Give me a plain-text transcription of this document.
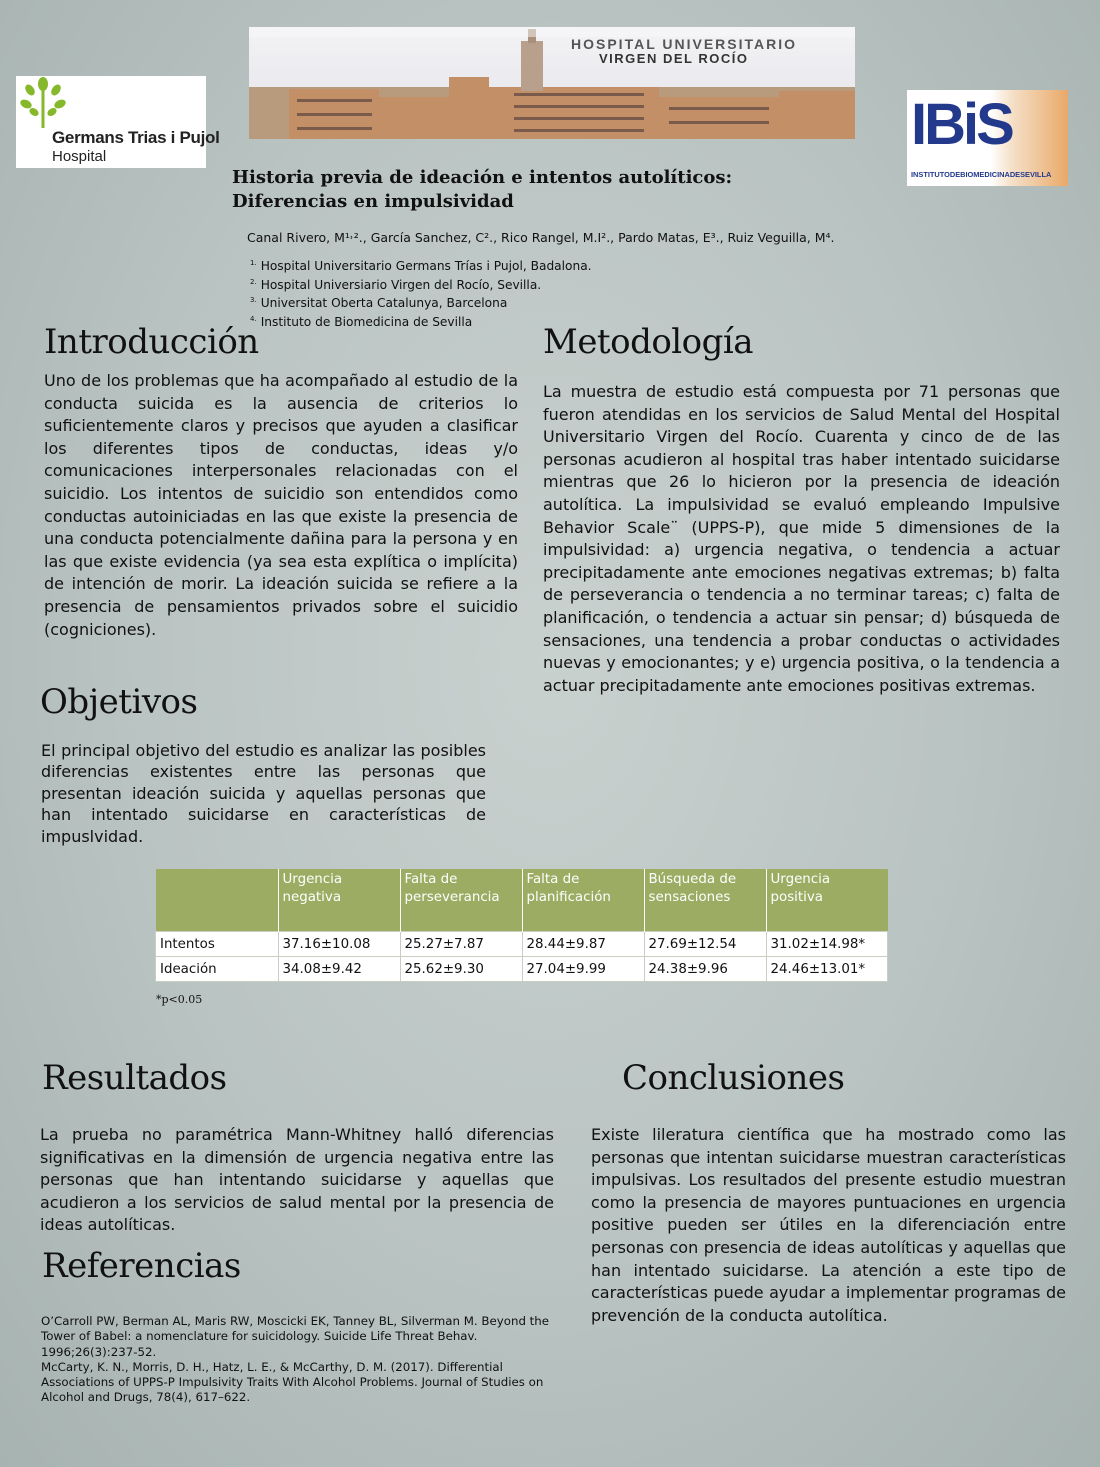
Germans Trias i Pujol
Hospital
HOSPITAL UNIVERSITARIO
VIRGEN DEL ROCÍO
IBiS
INSTITUTODEBIOMEDICINADESEVILLA
Historia previa de ideación e intentos autolíticos:
Diferencias en impulsividad
Canal Rivero, M¹˒²., García Sanchez, C²., Rico Rangel, M.I²., Pardo Matas, E³., Ruiz Veguilla, M⁴.
$^{1.}$ Hospital Universitario Germans Trías i Pujol, Badalona.
$^{2.}$ Hospital Universiario Virgen del Rocío, Sevilla.
$^{3.}$ Universitat Oberta Catalunya, Barcelona
$^{4.}$ Instituto de Biomedicina de Sevilla
Introducción
Uno de los problemas que ha acompañado al estudio de la conducta suicida es la ausencia de criterios lo suficientemente claros y precisos que ayuden a clasificar los diferentes tipos de conductas, ideas y/o comunicaciones interpersonales relacionadas con el suicidio. Los intentos de suicidio son entendidos como conductas autoiniciadas en las que existe la presencia de una conducta potencialmente dañina para la persona y en las que existe evidencia (ya sea esta explítica o implícita) de intención de morir. La ideación suicida se refiere a la presencia de pensamientos privados sobre el suicidio (cogniciones).
Metodología
La muestra de estudio está compuesta por 71 personas que fueron atendidas en los servicios de Salud Mental del Hospital Universitario Virgen del Rocío. Cuarenta y cinco de de las personas acudieron al hospital tras haber intentado suicidarse mientras que 26 lo hicieron por la presencia de ideación autolítica. La impulsividad se evaluó empleando Impulsive Behavior Scale¨ (UPPS-P), que mide 5 dimensiones de la impulsividad: a) urgencia negativa, o tendencia a actuar precipitadamente ante emociones negativas extremas; b) falta de perseverancia o tendencia a no terminar tareas; c) falta de planificación, o tendencia a actuar sin pensar; d) búsqueda de sensaciones, una tendencia a probar conductas o actividades nuevas y emocionantes; y e) urgencia positiva, o la tendencia a actuar precipitadamente ante emociones positivas extremas.
Objetivos
El principal objetivo del estudio es analizar las posibles diferencias existentes entre las personas que presentan ideación suicida y aquellas personas que han intentado suicidarse en características de impuslvidad.
	Urgencia negativa	Falta de perseverancia	Falta de planificación	Búsqueda de sensaciones	Urgencia positiva
Intentos	37.16±10.08	25.27±7.87	28.44±9.87	27.69±12.54	31.02±14.98*
Ideación	34.08±9.42	25.62±9.30	27.04±9.99	24.38±9.96	24.46±13.01*
*p<0.05
Resultados
La prueba no paramétrica Mann-Whitney halló diferencias significativas en la dimensión de urgencia negativa entre las personas que han intentando suicidarse y aquellas que acudieron a los servicios de salud mental por la presencia de ideas autolíticas.
Conclusiones
Existe lileratura científica que ha mostrado como las personas que intentan suicidarse muestran características impulsivas. Los resultados del presente estudio muestran como la presencia de mayores puntuaciones en urgencia positive pueden ser útiles en la diferenciación entre personas con presencia de ideas autolíticas y aquellas que han intentado suicidarse. La atención a este tipo de características puede ayudar a implementar programas de prevención de la conducta autolítica.
Referencias
O’Carroll PW, Berman AL, Maris RW, Moscicki EK, Tanney BL, Silverman M. Beyond the Tower of Babel: a nomenclature for suicidology. Suicide Life Threat Behav. 1996;26(3):237-52.
McCarty, K. N., Morris, D. H., Hatz, L. E., & McCarthy, D. M. (2017). Differential Associations of UPPS-P Impulsivity Traits With Alcohol Problems. Journal of Studies on Alcohol and Drugs, 78(4), 617–622.
